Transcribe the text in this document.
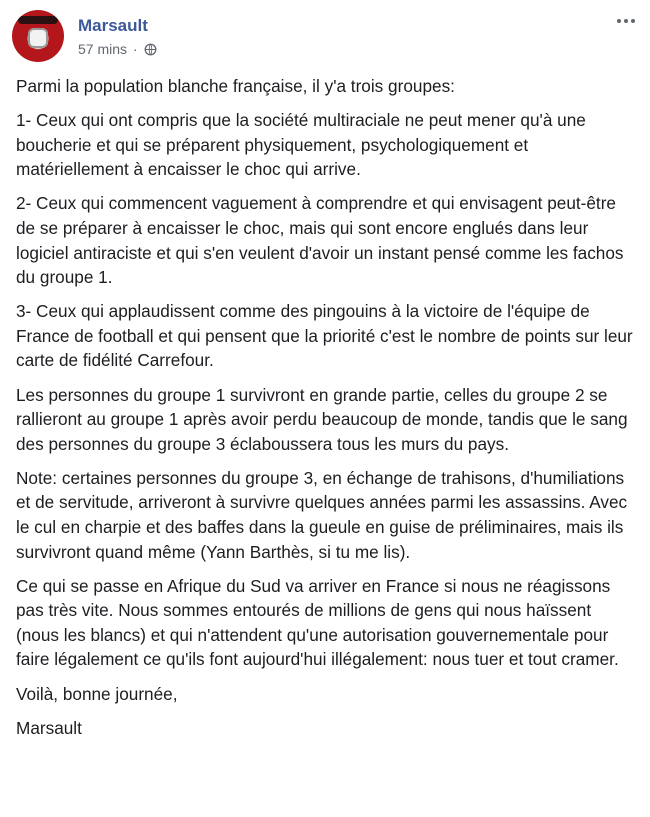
Marsault
57 mins ·

Parmi la population blanche française, il y'a trois groupes:

1- Ceux qui ont compris que la société multiraciale ne peut mener qu'à une boucherie et qui se préparent physiquement, psychologiquement et matériellement à encaisser le choc qui arrive.

2- Ceux qui commencent vaguement à comprendre et qui envisagent peut-être de se préparer à encaisser le choc, mais qui sont encore englués dans leur logiciel antiraciste et qui s'en veulent d'avoir un instant pensé comme les fachos du groupe 1.

3- Ceux qui applaudissent comme des pingouins à la victoire de l'équipe de France de football et qui pensent que la priorité c'est le nombre de points sur leur carte de fidélité Carrefour.

Les personnes du groupe 1 survivront en grande partie, celles du groupe 2 se rallieront au groupe 1 après avoir perdu beaucoup de monde, tandis que le sang des personnes du groupe 3 éclaboussera tous les murs du pays.

Note: certaines personnes du groupe 3, en échange de trahisons, d'humiliations et de servitude, arriveront à survivre quelques années parmi les assassins. Avec le cul en charpie et des baffes dans la gueule en guise de préliminaires, mais ils survivront quand même (Yann Barthès, si tu me lis).

Ce qui se passe en Afrique du Sud va arriver en France si nous ne réagissons pas très vite. Nous sommes entourés de millions de gens qui nous haïssent (nous les blancs) et qui n'attendent qu'une autorisation gouvernementale pour faire légalement ce qu'ils font aujourd'hui illégalement: nous tuer et tout cramer.

Voilà, bonne journée,

Marsault
